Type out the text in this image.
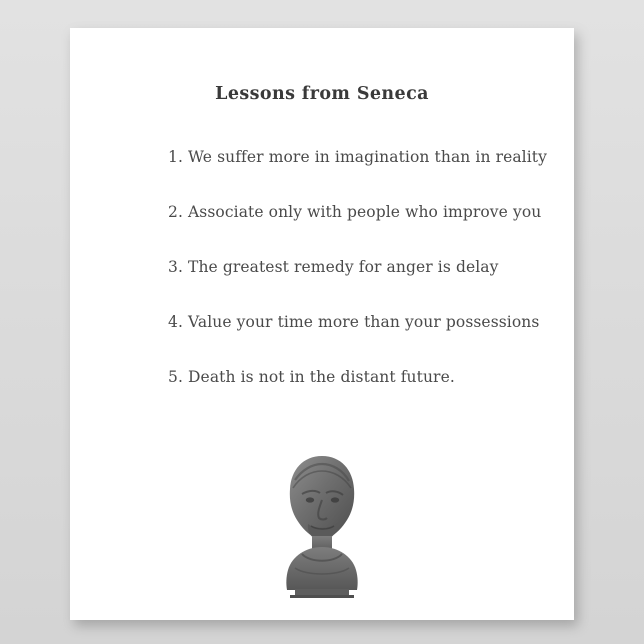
Lessons from Seneca
1. We suffer more in imagination than in reality
2. Associate only with people who improve you
3. The greatest remedy for anger is delay
4. Value your time more than your possessions
5. Death is not in the distant future.
